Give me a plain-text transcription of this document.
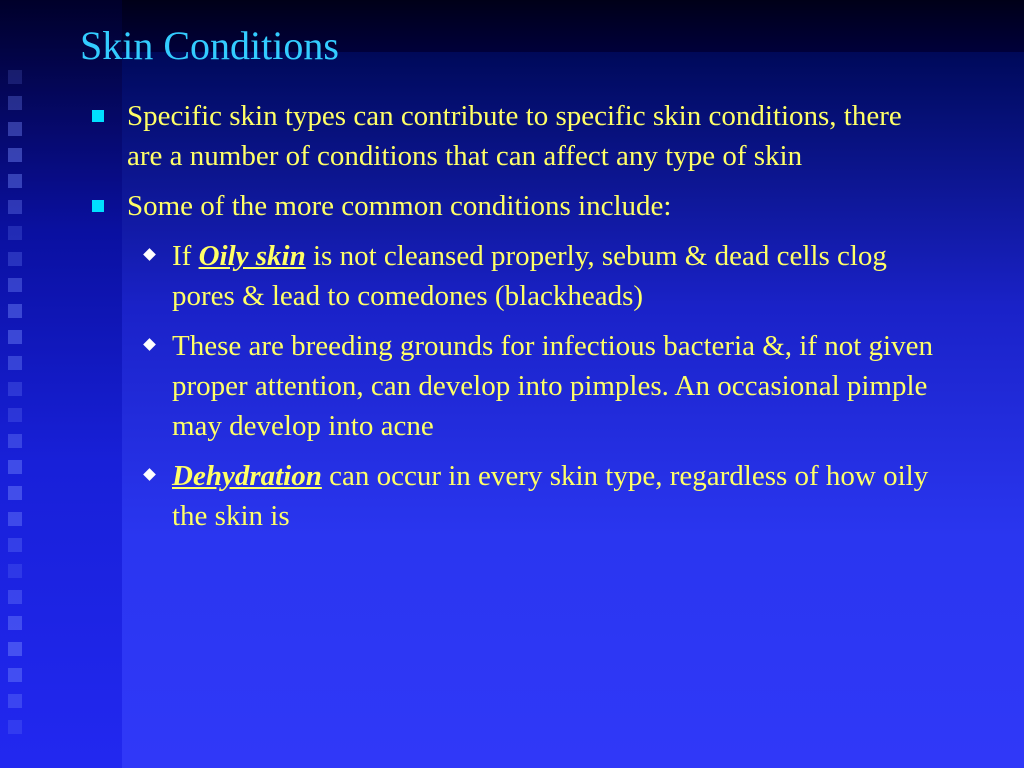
Skin Conditions
Specific skin types can contribute to specific skin conditions, there are a number of conditions that can affect any type of skin
Some of the more common conditions include:
If Oily skin is not cleansed properly, sebum & dead cells clog pores & lead to comedones (blackheads)
These are breeding grounds for infectious bacteria &, if not given proper attention, can develop into pimples. An occasional pimple may develop into acne
Dehydration can occur in every skin type, regardless of how oily the skin is
